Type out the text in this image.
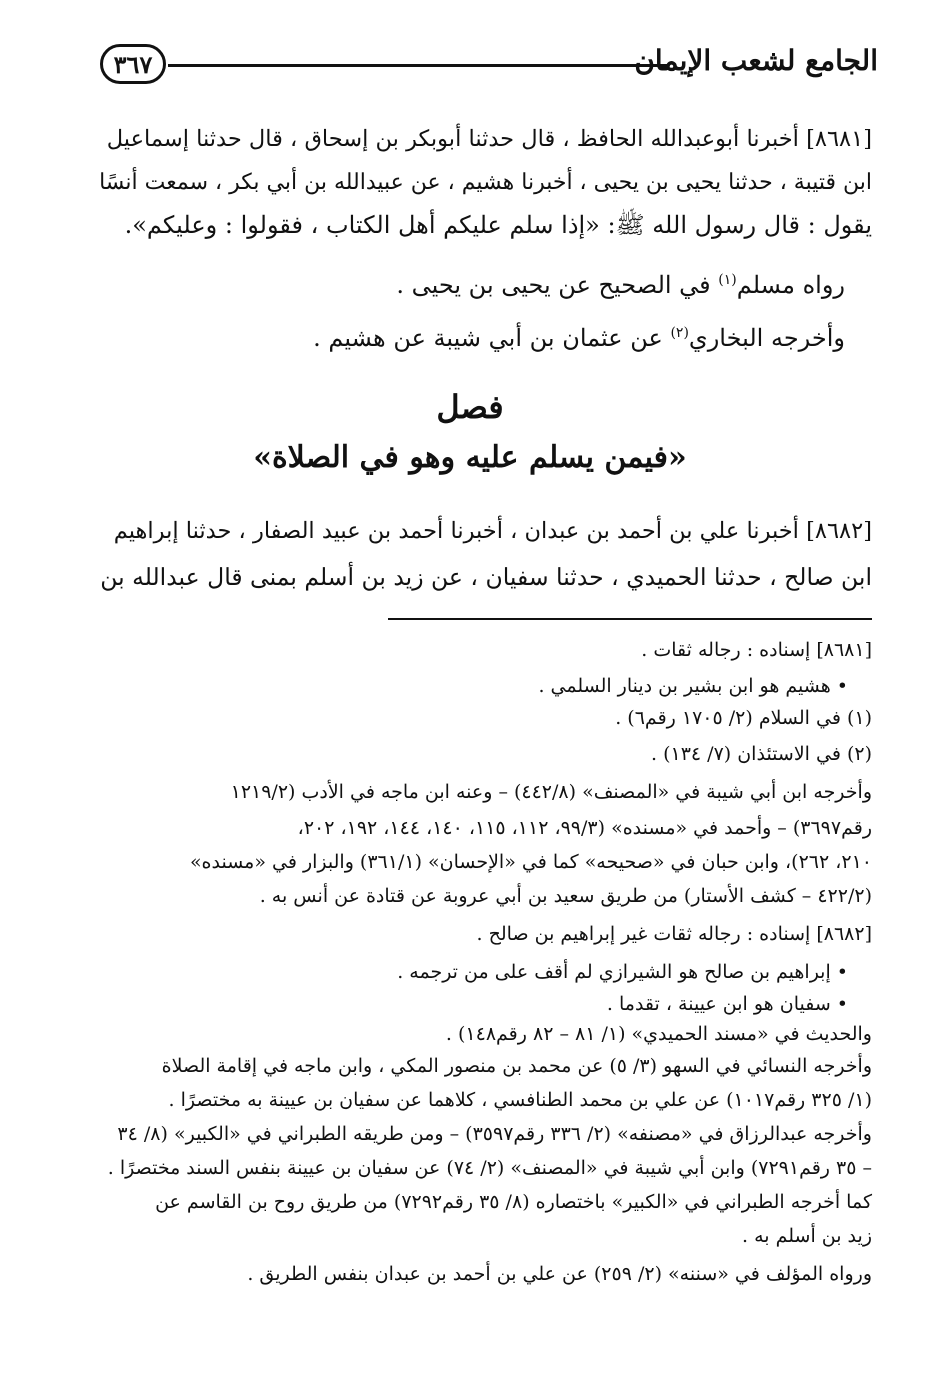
٣٦٧	الجامع لشعب الإيمان
[٨٦٨١] أخبرنا أبوعبدالله الحافظ ، قال حدثنا أبوبكر بن إسحاق ، قال حدثنا إسماعيل
ابن قتيبة ، حدثنا يحيى بن يحيى ، أخبرنا هشيم ، عن عبيدالله بن أبي بكر ، سمعت أنسًا
يقول : قال رسول الله ﷺ: «إذا سلم عليكم أهل الكتاب ، فقولوا : وعليكم».
رواه مسلم$^{(١)}$ في الصحيح عن يحيى بن يحيى .
وأخرجه البخاري$^{(٢)}$ عن عثمان بن أبي شيبة عن هشيم .
فصل
«فيمن يسلم عليه وهو في الصلاة»
[٨٦٨٢] أخبرنا علي بن أحمد بن عبدان ، أخبرنا أحمد بن عبيد الصفار ، حدثنا إبراهيم
ابن صالح ، حدثنا الحميدي ، حدثنا سفيان ، عن زيد بن أسلم بمنى قال عبدالله بن
[٨٦٨١] إسناده : رجاله ثقات .
• هشيم هو ابن بشير بن دينار السلمي .
(١) في السلام (٢/ ١٧٠٥ رقم٦) .
(٢) في الاستئذان (٧/ ١٣٤) .
وأخرجه ابن أبي شيبة في «المصنف» (٤٤٢/٨) – وعنه ابن ماجه في الأدب (١٢١٩/٢
رقم٣٦٩٧) – وأحمد في «مسنده» (٩٩/٣، ١١٢، ١١٥، ١٤٠، ١٤٤، ١٩٢، ٢٠٢،
٢١٠، ٢٦٢)، وابن حبان في «صحيحه» كما في «الإحسان» (٣٦١/١) والبزار في «مسنده»
(٤٢٢/٢ – كشف الأستار) من طريق سعيد بن أبي عروبة عن قتادة عن أنس به .
[٨٦٨٢] إسناده : رجاله ثقات غير إبراهيم بن صالح .
• إبراهيم بن صالح هو الشيرازي لم أقف على من ترجمه .
• سفيان هو ابن عيينة ، تقدما .
والحديث في «مسند الحميدي» (١/ ٨١ – ٨٢ رقم١٤٨) .
وأخرجه النسائي في السهو (٣/ ٥) عن محمد بن منصور المكي ، وابن ماجه في إقامة الصلاة
(١/ ٣٢٥ رقم١٠١٧) عن علي بن محمد الطنافسي ، كلاهما عن سفيان بن عيينة به مختصرًا .
وأخرجه عبدالرزاق في «مصنفه» (٢/ ٣٣٦ رقم٣٥٩٧) – ومن طريقه الطبراني في «الكبير» (٨/ ٣٤
– ٣٥ رقم٧٢٩١) وابن أبي شيبة في «المصنف» (٢/ ٧٤) عن سفيان بن عيينة بنفس السند مختصرًا .
كما أخرجه الطبراني في «الكبير» باختصاره (٨/ ٣٥ رقم٧٢٩٢) من طريق روح بن القاسم عن
زيد بن أسلم به .
ورواه المؤلف في «سننه» (٢/ ٢٥٩) عن علي بن أحمد بن عبدان بنفس الطريق .
